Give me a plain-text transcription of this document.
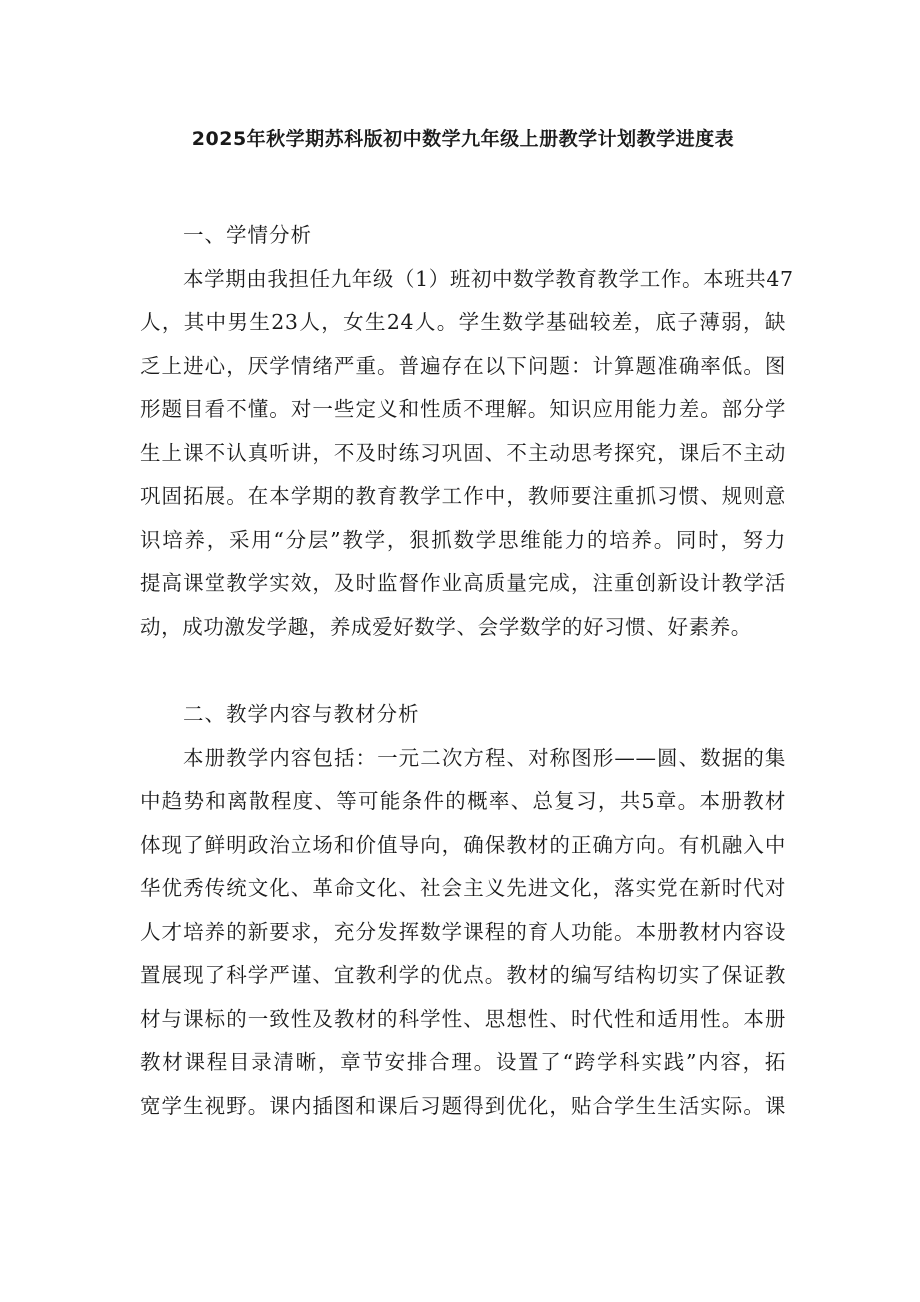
2025年秋学期苏科版初中数学九年级上册教学计划教学进度表
一、学情分析
本学期由我担任九年级（1）班初中数学教育教学工作。本班共47
人，其中男生23人，女生24人。学生数学基础较差，底子薄弱，缺
乏上进心，厌学情绪严重。普遍存在以下问题：计算题准确率低。图
形题目看不懂。对一些定义和性质不理解。知识应用能力差。部分学
生上课不认真听讲，不及时练习巩固、不主动思考探究，课后不主动
巩固拓展。在本学期的教育教学工作中，教师要注重抓习惯、规则意
识培养，采用“分层”教学，狠抓数学思维能力的培养。同时，努力
提高课堂教学实效，及时监督作业高质量完成，注重创新设计教学活
动，成功激发学趣，养成爱好数学、会学数学的好习惯、好素养。
二、教学内容与教材分析
本册教学内容包括：一元二次方程、对称图形——圆、数据的集
中趋势和离散程度、等可能条件的概率、总复习，共5章。本册教材
体现了鲜明政治立场和价值导向，确保教材的正确方向。有机融入中
华优秀传统文化、革命文化、社会主义先进文化，落实党在新时代对
人才培养的新要求，充分发挥数学课程的育人功能。本册教材内容设
置展现了科学严谨、宜教利学的优点。教材的编写结构切实了保证教
材与课标的一致性及教材的科学性、思想性、时代性和适用性。本册
教材课程目录清晰，章节安排合理。设置了“跨学科实践”内容，拓
宽学生视野。课内插图和课后习题得到优化，贴合学生生活实际。课
